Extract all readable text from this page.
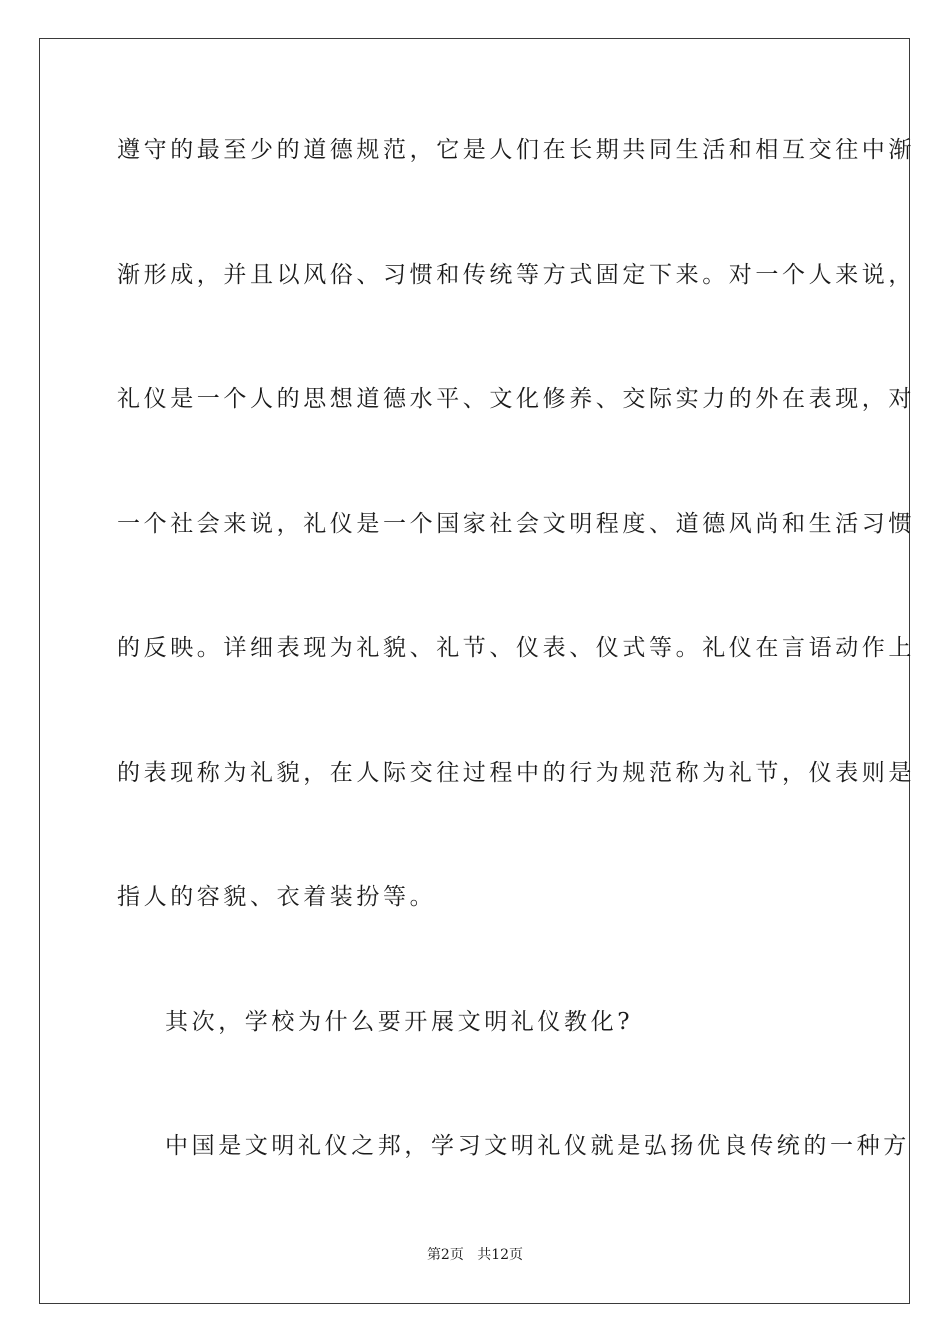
遵守的最至少的道德规范，它是人们在长期共同生活和相互交往中渐
渐形成，并且以风俗、习惯和传统等方式固定下来。对一个人来说，
礼仪是一个人的思想道德水平、文化修养、交际实力的外在表现，对
一个社会来说，礼仪是一个国家社会文明程度、道德风尚和生活习惯
的反映。详细表现为礼貌、礼节、仪表、仪式等。礼仪在言语动作上
的表现称为礼貌，在人际交往过程中的行为规范称为礼节，仪表则是
指人的容貌、衣着装扮等。
其次，学校为什么要开展文明礼仪教化?
中国是文明礼仪之邦，学习文明礼仪就是弘扬优良传统的一种方
第2页 共12页
